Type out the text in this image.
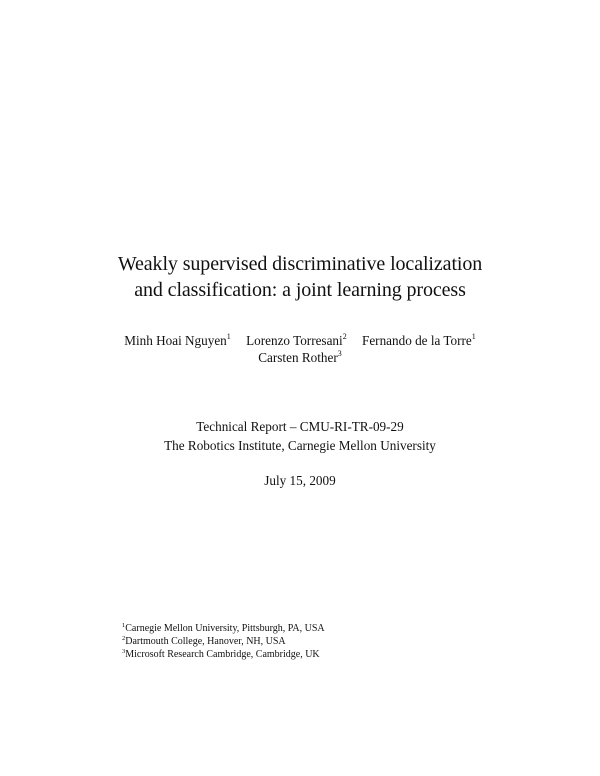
Weakly supervised discriminative localization
and classification: a joint learning process
Minh Hoai Nguyen$^1$ Lorenzo Torresani$^2$ Fernando de la Torre$^1$
Carsten Rother$^3$
Technical Report – CMU-RI-TR-09-29
The Robotics Institute, Carnegie Mellon University
July 15, 2009
$^1$Carnegie Mellon University, Pittsburgh, PA, USA
$^2$Dartmouth College, Hanover, NH, USA
$^3$Microsoft Research Cambridge, Cambridge, UK
